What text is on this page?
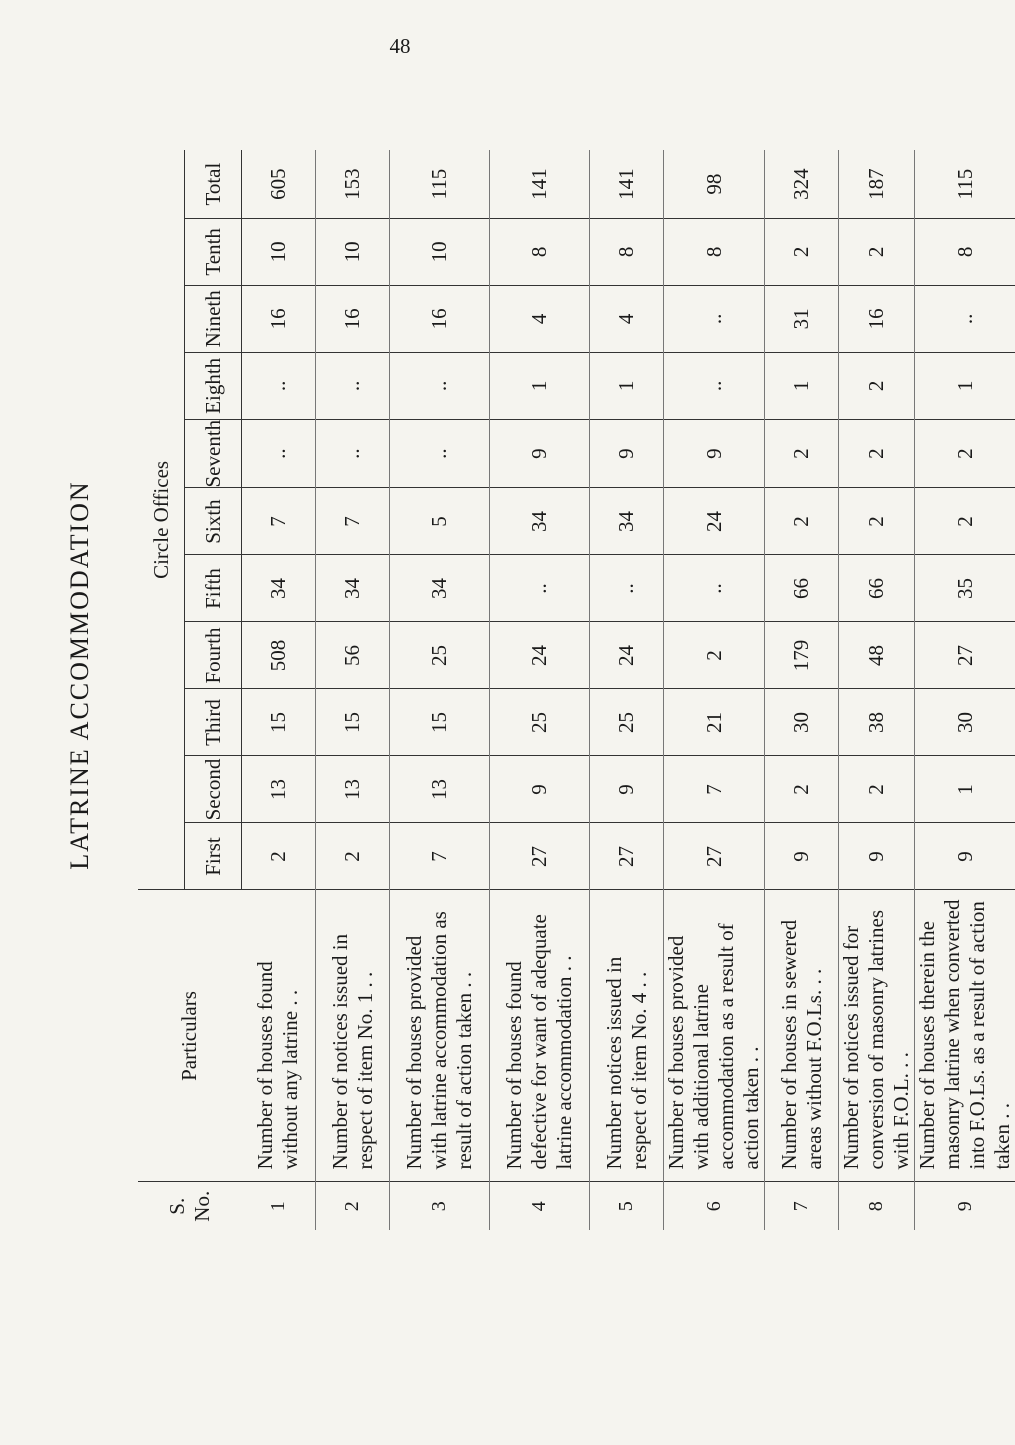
48
LATRINE ACCOMMODATION
S. No.	Particulars	Circle Offices										
		First	Second	Third	Fourth	Fifth	Sixth	Seventh	Eighth	Nineth	Tenth	Total
1	Number of houses found without any latrine . .	2	13	15	508	34	7	..	..	16	10	605
2	Number of notices issued in respect of item No. 1 . .	2	13	15	56	34	7	..	..	16	10	153
3	Number of houses provided with latrine accommodation as result of action taken . .	7	13	15	25	34	5	..	..	16	10	115
4	Number of houses found defective for want of adequate latrine accommodation . .	27	9	25	24	..	34	9	1	4	8	141
5	Number notices issued in respect of item No. 4 . .	27	9	25	24	..	34	9	1	4	8	141
6	Number of houses provided with additional latrine accommodation as a result of action taken . .	27	7	21	2	..	24	9	..	..	8	98
7	Number of houses in sewered areas without F.O.Ls. . .	9	2	30	179	66	2	2	1	31	2	324
8	Number of notices issued for conversion of masonry latrines with F.O.L. . .	9	2	38	48	66	2	2	2	16	2	187
9	Number of houses therein the masonry latrine when converted into F.O.Ls. as a result of action taken . .	9	1	30	27	35	2	2	1	..	8	115
